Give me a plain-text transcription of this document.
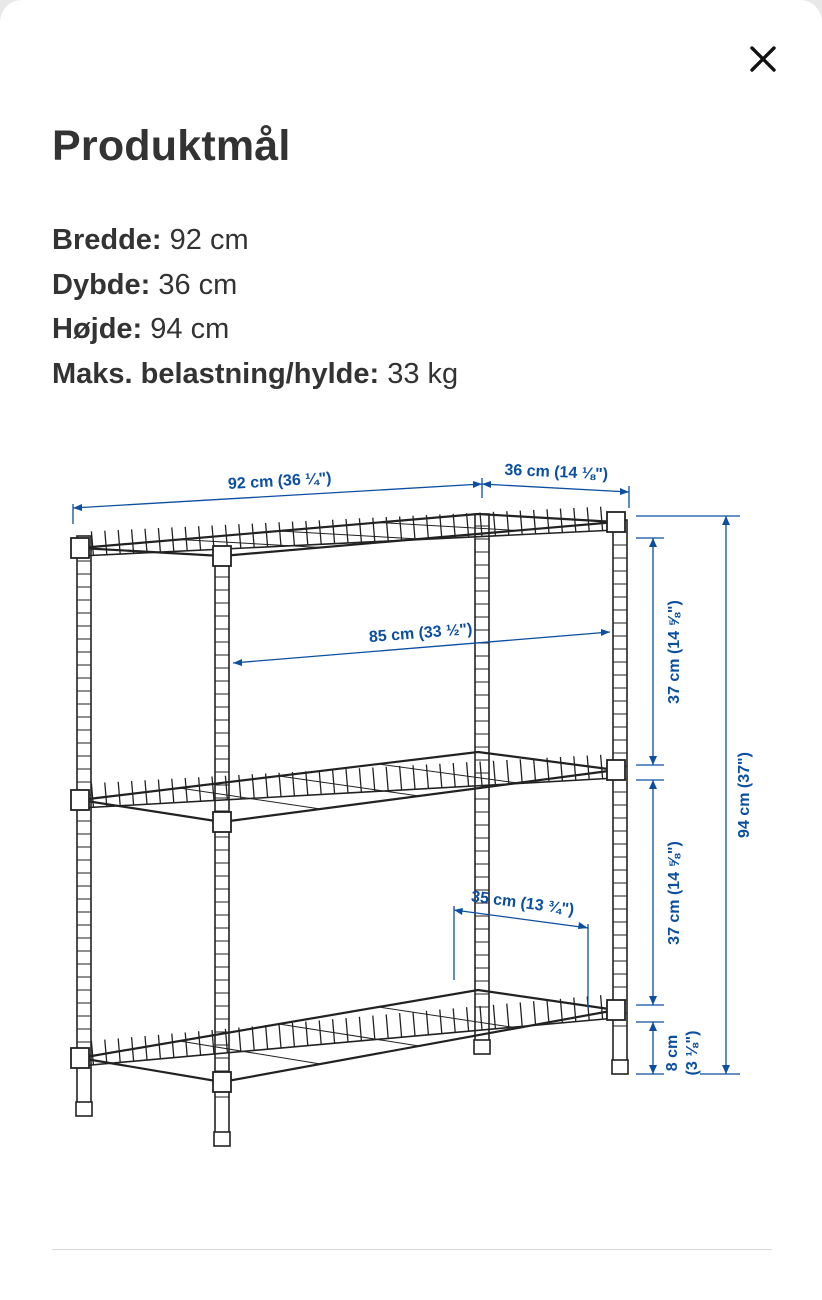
Produktmål
Bredde: 92 cm
Dybde: 36 cm
Højde: 94 cm
Maks. belastning/hylde: 33 kg
92 cm (36 ¼")	36 cm (14 ⅛")
85 cm (33 ½")
35 cm (13 ¾")
37 cm (14 ⅝")
37 cm (14 ⅝")
94 cm (37")
8 cm (3 ⅛")
